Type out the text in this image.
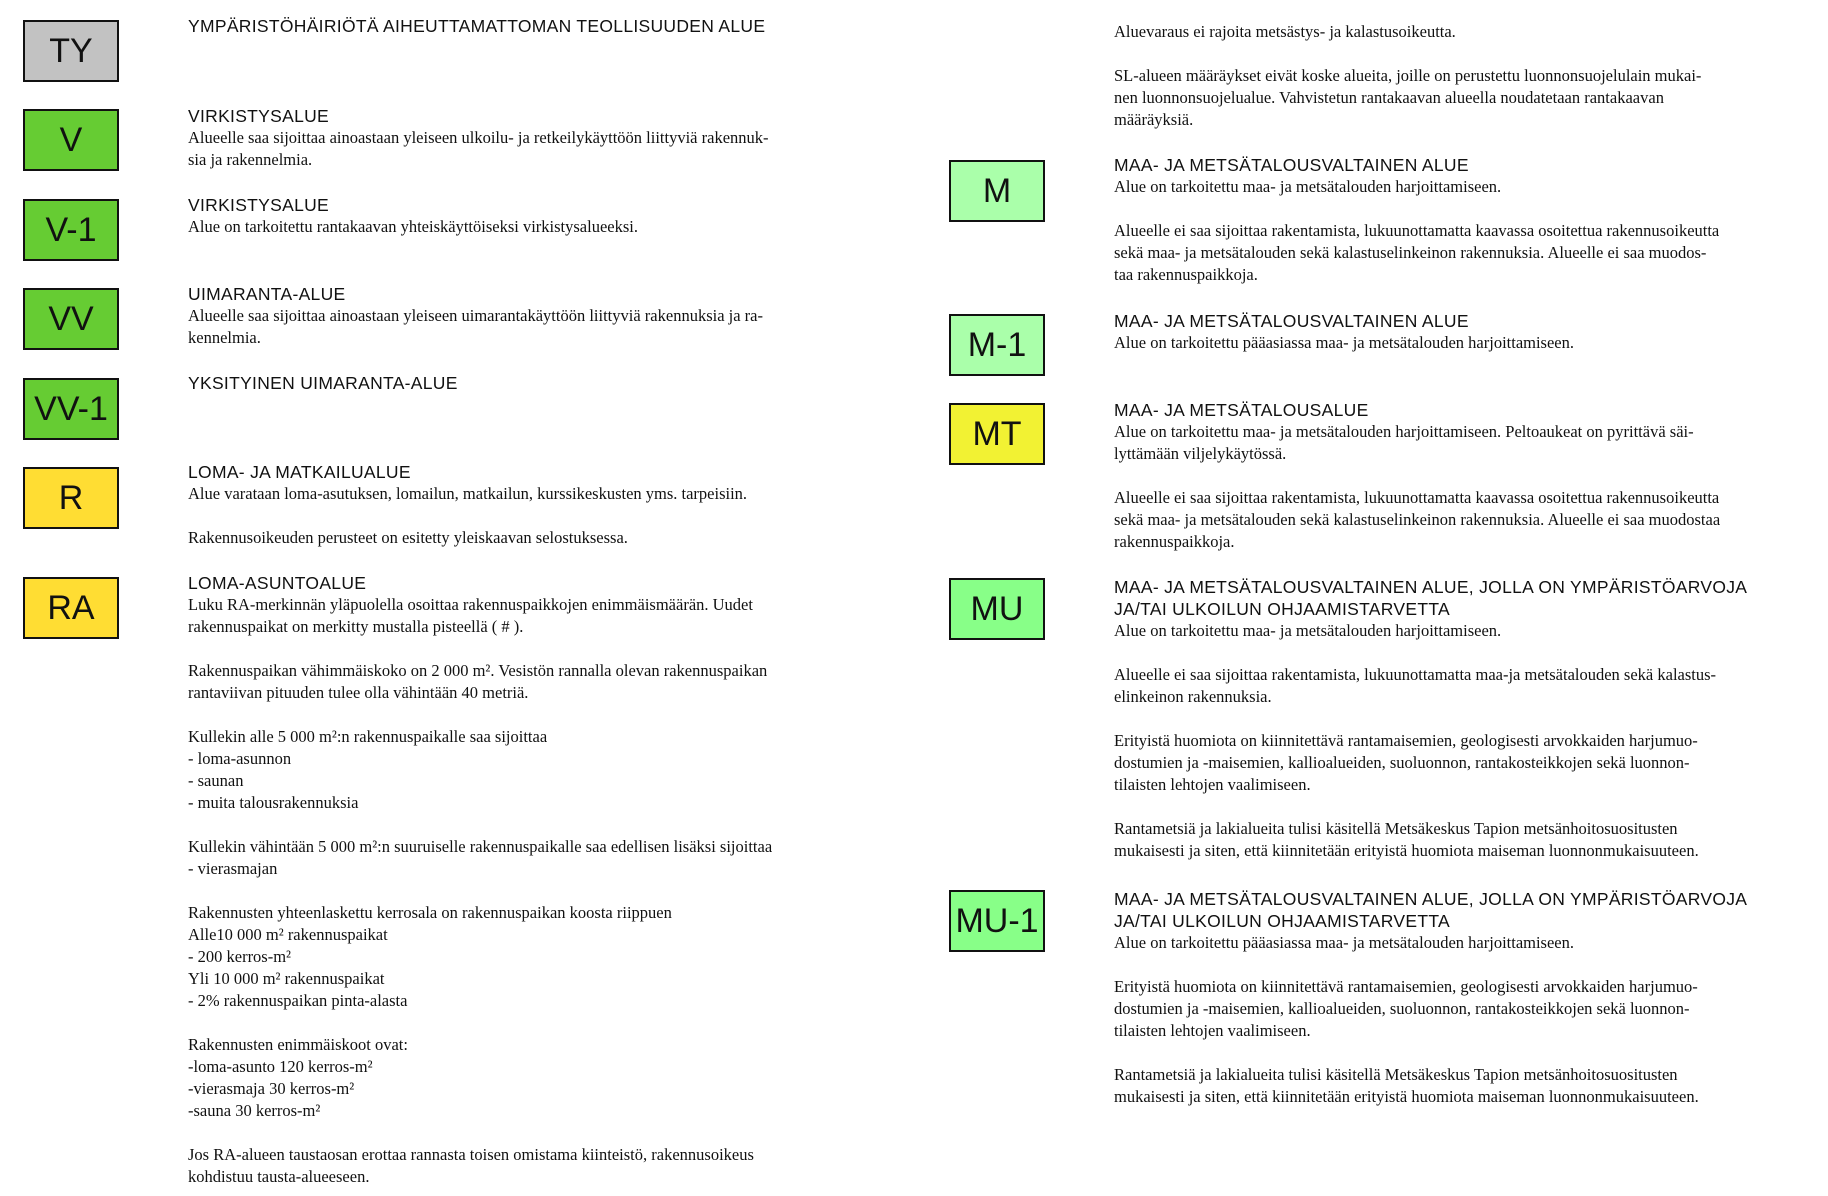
TY
V
V-1
VV
VV-1
R
RA
YMPÄRISTÖHÄIRIÖTÄ AIHEUTTAMATTOMAN TEOLLISUUDEN ALUE
VIRKISTYSALUE
Alueelle saa sijoittaa ainoastaan yleiseen ulkoilu- ja retkeilykäyttöön liittyviä rakennuk-
sia ja rakennelmia.
VIRKISTYSALUE
Alue on tarkoitettu rantakaavan yhteiskäyttöiseksi virkistysalueeksi.
UIMARANTA-ALUE
Alueelle saa sijoittaa ainoastaan yleiseen uimarantakäyttöön liittyviä rakennuksia ja ra-
kennelmia.
YKSITYINEN UIMARANTA-ALUE
LOMA- JA MATKAILUALUE
Alue varataan loma-asutuksen, lomailun, matkailun, kurssikeskusten yms. tarpeisiin.
Rakennusoikeuden perusteet on esitetty yleiskaavan selostuksessa.
LOMA-ASUNTOALUE
Luku RA-merkinnän yläpuolella osoittaa rakennuspaikkojen enimmäismäärän. Uudet
rakennuspaikat on merkitty mustalla pisteellä ( # ).
Rakennuspaikan vähimmäiskoko on 2 000 m². Vesistön rannalla olevan rakennuspaikan
rantaviivan pituuden tulee olla vähintään 40 metriä.
Kullekin alle 5 000 m²:n rakennuspaikalle saa sijoittaa
- loma-asunnon
- saunan
- muita talousrakennuksia
Kullekin vähintään 5 000 m²:n suuruiselle rakennuspaikalle saa edellisen lisäksi sijoittaa
- vierasmajan
Rakennusten yhteenlaskettu kerrosala on rakennuspaikan koosta riippuen
Alle10 000 m² rakennuspaikat
- 200 kerros-m²
Yli 10 000 m² rakennuspaikat
- 2% rakennuspaikan pinta-alasta
Rakennusten enimmäiskoot ovat:
-loma-asunto 120 kerros-m²
-vierasmaja 30 kerros-m²
-sauna 30 kerros-m²
Jos RA-alueen taustaosan erottaa rannasta toisen omistama kiinteistö, rakennusoikeus
kohdistuu tausta-alueeseen.
M
M-1
MT
MU
MU-1
Aluevaraus ei rajoita metsästys- ja kalastusoikeutta.
SL-alueen määräykset eivät koske alueita, joille on perustettu luonnonsuojelulain mukai-
nen luonnonsuojelualue. Vahvistetun rantakaavan alueella noudatetaan rantakaavan
määräyksiä.
MAA- JA METSÄTALOUSVALTAINEN ALUE
Alue on tarkoitettu maa- ja metsätalouden harjoittamiseen.
Alueelle ei saa sijoittaa rakentamista, lukuunottamatta kaavassa osoitettua rakennusoikeutta
sekä maa- ja metsätalouden sekä kalastuselinkeinon rakennuksia. Alueelle ei saa muodos-
taa rakennuspaikkoja.
MAA- JA METSÄTALOUSVALTAINEN ALUE
Alue on tarkoitettu pääasiassa maa- ja metsätalouden harjoittamiseen.
MAA- JA METSÄTALOUSALUE
Alue on tarkoitettu maa- ja metsätalouden harjoittamiseen. Peltoaukeat on pyrittävä säi-
lyttämään viljelykäytössä.
Alueelle ei saa sijoittaa rakentamista, lukuunottamatta kaavassa osoitettua rakennusoikeutta
sekä maa- ja metsätalouden sekä kalastuselinkeinon rakennuksia. Alueelle ei saa muodostaa
rakennuspaikkoja.
MAA- JA METSÄTALOUSVALTAINEN ALUE, JOLLA ON YMPÄRISTÖARVOJA
JA/TAI ULKOILUN OHJAAMISTARVETTA
Alue on tarkoitettu maa- ja metsätalouden harjoittamiseen.
Alueelle ei saa sijoittaa rakentamista, lukuunottamatta maa-ja metsätalouden sekä kalastus-
elinkeinon rakennuksia.
Erityistä huomiota on kiinnitettävä rantamaisemien, geologisesti arvokkaiden harjumuo-
dostumien ja -maisemien, kallioalueiden, suoluonnon, rantakosteikkojen sekä luonnon-
tilaisten lehtojen vaalimiseen.
Rantametsiä ja lakialueita tulisi käsitellä Metsäkeskus Tapion metsänhoitosuositusten
mukaisesti ja siten, että kiinnitetään erityistä huomiota maiseman luonnonmukaisuuteen.
MAA- JA METSÄTALOUSVALTAINEN ALUE, JOLLA ON YMPÄRISTÖARVOJA
JA/TAI ULKOILUN OHJAAMISTARVETTA
Alue on tarkoitettu pääasiassa maa- ja metsätalouden harjoittamiseen.
Erityistä huomiota on kiinnitettävä rantamaisemien, geologisesti arvokkaiden harjumuo-
dostumien ja -maisemien, kallioalueiden, suoluonnon, rantakosteikkojen sekä luonnon-
tilaisten lehtojen vaalimiseen.
Rantametsiä ja lakialueita tulisi käsitellä Metsäkeskus Tapion metsänhoitosuositusten
mukaisesti ja siten, että kiinnitetään erityistä huomiota maiseman luonnonmukaisuuteen.
